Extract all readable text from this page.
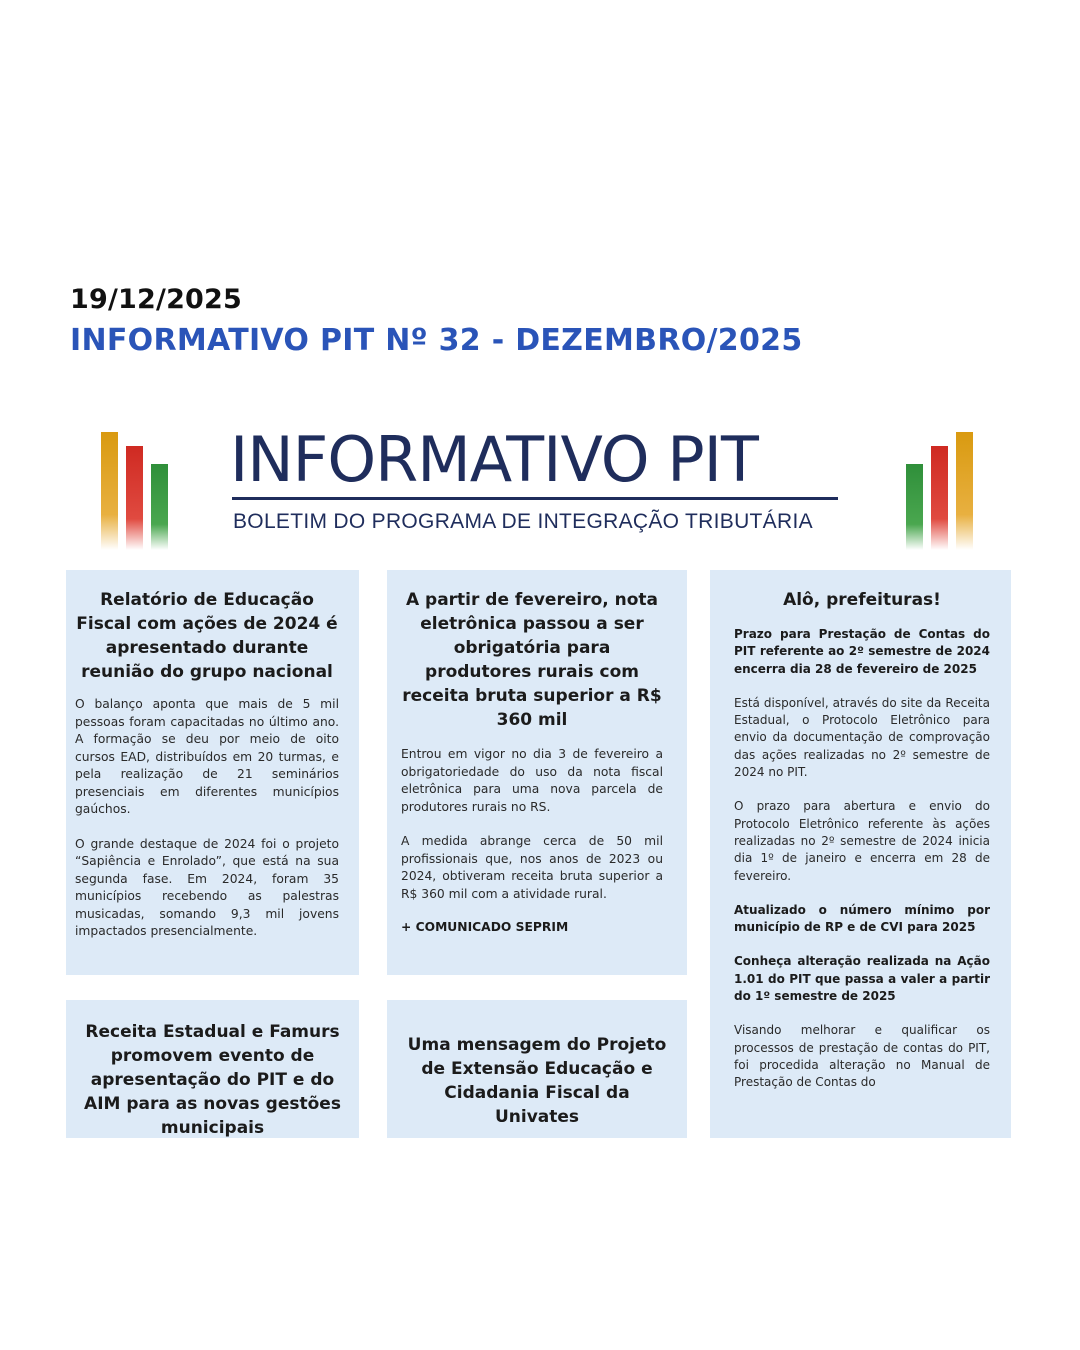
19/12/2025
INFORMATIVO PIT Nº 32 - DEZEMBRO/2025
INFORMATIVO PIT
BOLETIM DO PROGRAMA DE INTEGRAÇÃO TRIBUTÁRIA
Relatório de Educação Fiscal com ações de 2024 é apresentado durante reunião do grupo nacional

O balanço aponta que mais de 5 mil pessoas foram capacitadas no último ano. A formação se deu por meio de oito cursos EAD, distribuídos em 20 turmas, e pela realização de 21 seminários presenciais em diferentes municípios gaúchos.

O grande destaque de 2024 foi o projeto “Sapiência e Enrolado”, que está na sua segunda fase. Em 2024, foram 35 municípios recebendo as palestras musicadas, somando 9,3 mil jovens impactados presencialmente.

A partir de fevereiro, nota eletrônica passou a ser obrigatória para produtores rurais com receita bruta superior a R$ 360 mil

Entrou em vigor no dia 3 de fevereiro a obrigatoriedade do uso da nota fiscal eletrônica para uma nova parcela de produtores rurais no RS.

A medida abrange cerca de 50 mil profissionais que, nos anos de 2023 ou 2024, obtiveram receita bruta superior a R$ 360 mil com a atividade rural.

+ COMUNICADO SEPRIM
Alô, prefeituras!

Prazo para Prestação de Contas do PIT referente ao 2º semestre de 2024 encerra dia 28 de fevereiro de 2025

Está disponível, através do site da Receita Estadual, o Protocolo Eletrônico para envio da documentação de comprovação das ações realizadas no 2º semestre de 2024 no PIT.

O prazo para abertura e envio do Protocolo Eletrônico referente às ações realizadas no 2º semestre de 2024 inicia dia 1º de janeiro e encerra em 28 de fevereiro.

Atualizado o número mínimo por município de RP e de CVI para 2025

Conheça alteração realizada na Ação 1.01 do PIT que passa a valer a partir do 1º semestre de 2025

Visando melhorar e qualificar os processos de prestação de contas do PIT, foi procedida alteração no Manual de Prestação de Contas do

Receita Estadual e Famurs promovem evento de apresentação do PIT e do AIM para as novas gestões municipais
Uma mensagem do Projeto de Extensão Educação e Cidadania Fiscal da Univates
